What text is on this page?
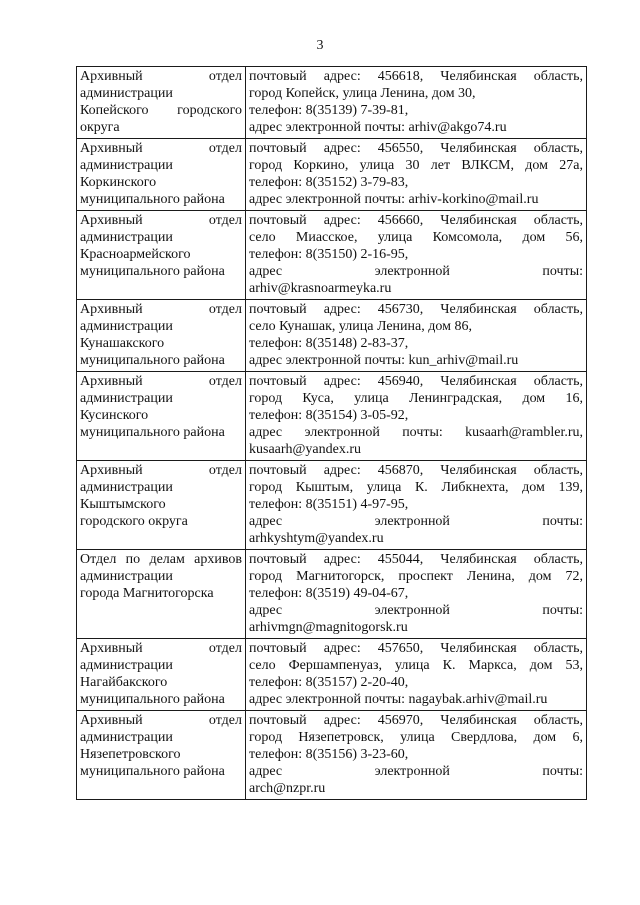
3
Архивный отдел
администрации
Копейского городского
округа	почтовый адрес: 456618, Челябинская область,
город Копейск, улица Ленина, дом 30,
телефон: 8(35139) 7-39-81,
адрес электронной почты: arhiv@akgo74.ru

Архивный отдел
администрации
Коркинского
муниципального района	почтовый адрес: 456550, Челябинская область,
город Коркино, улица 30 лет ВЛКСМ, дом 27а,
телефон: 8(35152) 3-79-83,
адрес электронной почты: arhiv-korkino@mail.ru

Архивный отдел
администрации
Красноармейского
муниципального района	почтовый адрес: 456660, Челябинская область,
село Миасское, улица Комсомола, дом 56,
телефон: 8(35150) 2-16-95,
адрес электронной почты:
arhiv@krasnoarmeyka.ru

Архивный отдел
администрации
Кунашакского
муниципального района	почтовый адрес: 456730, Челябинская область,
село Кунашак, улица Ленина, дом 86,
телефон: 8(35148) 2-83-37,
адрес электронной почты: kun_arhiv@mail.ru

Архивный отдел
администрации
Кусинского
муниципального района	почтовый адрес: 456940, Челябинская область,
город Куса, улица Ленинградская, дом 16,
телефон: 8(35154) 3-05-92,
адрес электронной почты: kusaarh@rambler.ru,
kusaarh@yandex.ru

Архивный отдел
администрации
Кыштымского
городского округа	почтовый адрес: 456870, Челябинская область,
город Кыштым, улица К. Либкнехта, дом 139,
телефон: 8(35151) 4-97-95,
адрес электронной почты:
arhkyshtym@yandex.ru

Отдел по делам архивов
администрации
города Магнитогорска	почтовый адрес: 455044, Челябинская область,
город Магнитогорск, проспект Ленина, дом 72,
телефон: 8(3519) 49-04-67,
адрес электронной почты:
arhivmgn@magnitogorsk.ru

Архивный отдел
администрации
Нагайбакского
муниципального района	почтовый адрес: 457650, Челябинская область,
село Фершампенуаз, улица К. Маркса, дом 53,
телефон: 8(35157) 2-20-40,
адрес электронной почты: nagaybak.arhiv@mail.ru

Архивный отдел
администрации
Нязепетровского
муниципального района	почтовый адрес: 456970, Челябинская область,
город Нязепетровск, улица Свердлова, дом 6,
телефон: 8(35156) 3-23-60,
адрес электронной почты:
arch@nzpr.ru
